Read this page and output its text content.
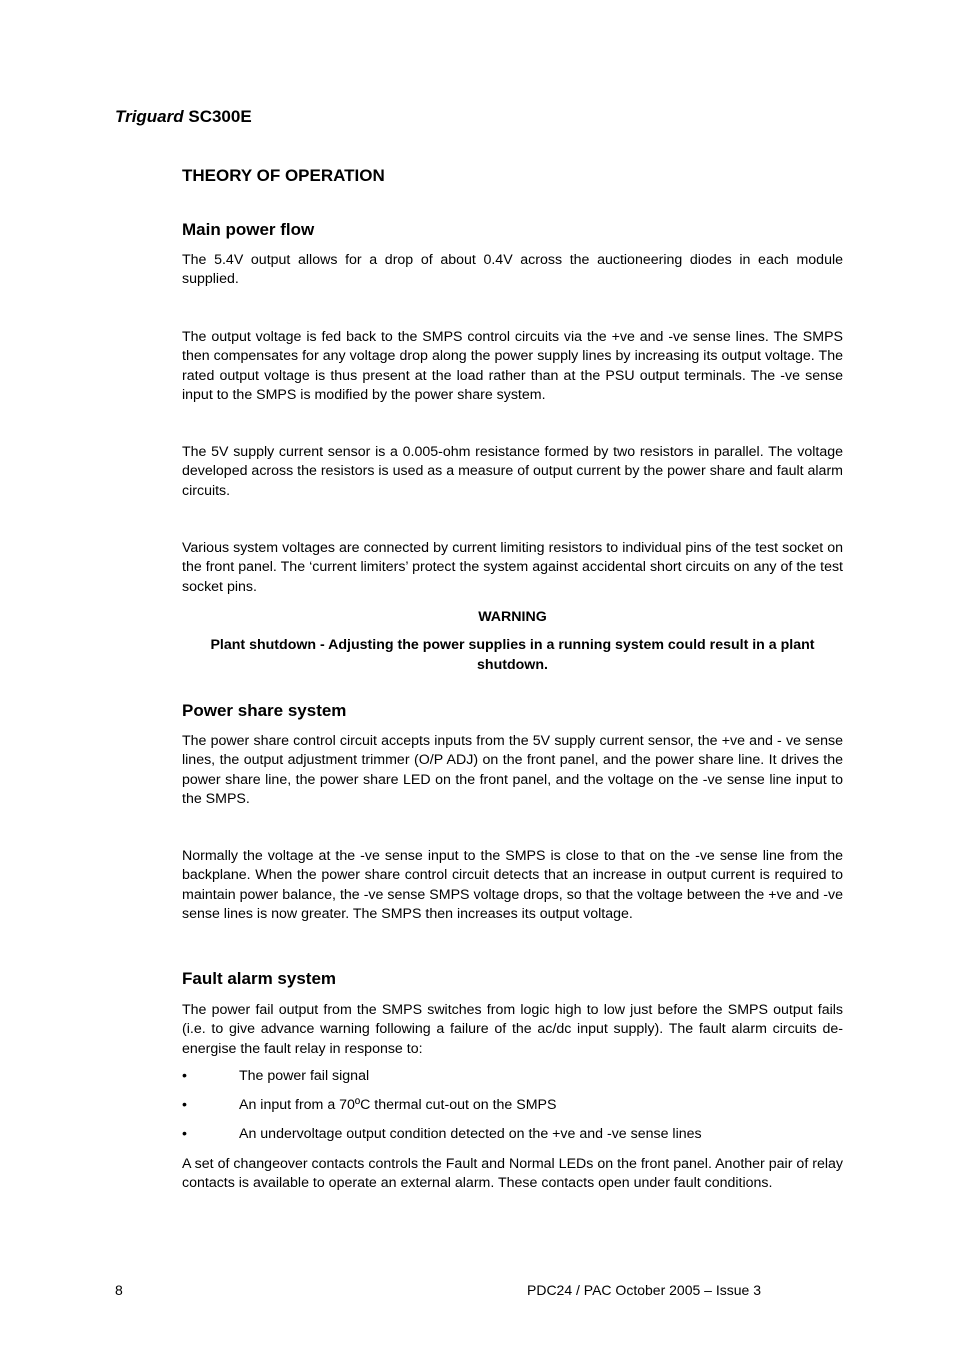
Triguard SC300E
THEORY OF OPERATION
Main power flow
The 5.4V output allows for a drop of about 0.4V across the auctioneering diodes in each module supplied.
The output voltage is fed back to the SMPS control circuits via the +ve and -ve sense lines. The SMPS then compensates for any voltage drop along the power supply lines by increasing its output voltage. The rated output voltage is thus present at the load rather than at the PSU output terminals. The -ve sense input to the SMPS is modified by the power share system.
The 5V supply current sensor is a 0.005-ohm resistance formed by two resistors in parallel. The voltage developed across the resistors is used as a measure of output current by the power share and fault alarm circuits.
Various system voltages are connected by current limiting resistors to individual pins of the test socket on the front panel. The ‘current limiters’ protect the system against accidental short circuits on any of the test socket pins.
WARNING
Plant shutdown - Adjusting the power supplies in a running system could result in a plant shutdown.
Power share system
The power share control circuit accepts inputs from the 5V supply current sensor, the +ve and - ve sense lines, the output adjustment trimmer (O/P ADJ) on the front panel, and the power share line. It drives the power share line, the power share LED on the front panel, and the voltage on the -ve sense line input to the SMPS.
Normally the voltage at the -ve sense input to the SMPS is close to that on the -ve sense line from the backplane. When the power share control circuit detects that an increase in output current is required to maintain power balance, the -ve sense SMPS voltage drops, so that the voltage between the +ve and -ve sense lines is now greater. The SMPS then increases its output voltage.
Fault alarm system
The power fail output from the SMPS switches from logic high to low just before the SMPS output fails (i.e. to give advance warning following a failure of the ac/dc input supply). The fault alarm circuits de-energise the fault relay in response to:
•	The power fail signal
•	An input from a 70ºC thermal cut-out on the SMPS
•	An undervoltage output condition detected on the +ve and -ve sense lines
A set of changeover contacts controls the Fault and Normal LEDs on the front panel. Another pair of relay contacts is available to operate an external alarm. These contacts open under fault conditions.
8	PDC24 / PAC October 2005 – Issue 3
